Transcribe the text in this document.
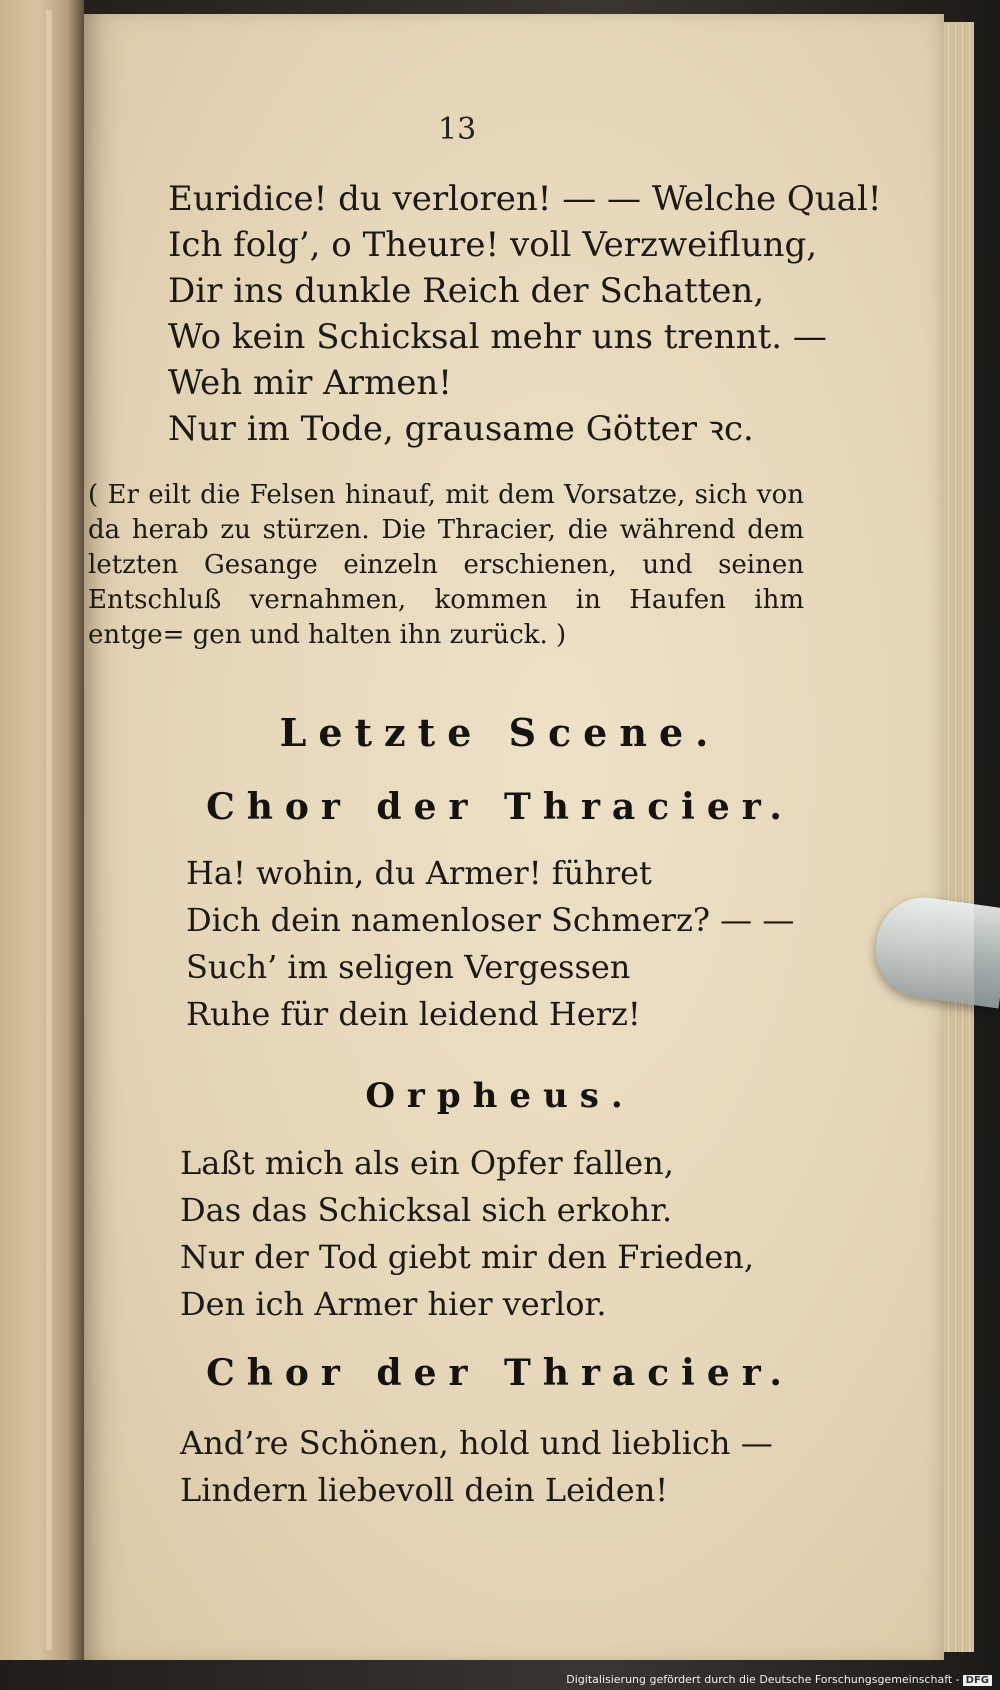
13
Euridice! du verloren! — — Welche Qual!
Ich folg’, o Theure! voll Verzweiflung,
Dir ins dunkle Reich der Schatten,
Wo kein Schicksal mehr uns trennt. —
Weh mir Armen!
Nur im Tode, grausame Götter ꝛc.
( Er eilt die Felsen hinauf, mit dem Vorsatze, sich von da herab zu stürzen. Die Thracier, die während dem letzten Gesange einzeln erschienen, und seinen Entschluß vernahmen, kommen in Haufen ihm entge= gen und halten ihn zurück. )
Letzte Scene.
Chor der Thracier.
Ha! wohin, du Armer! führet
Dich dein namenloser Schmerz? — —
Such’ im seligen Vergessen
Ruhe für dein leidend Herz!
Orpheus.
Laßt mich als ein Opfer fallen,
Das das Schicksal sich erkohr.
Nur der Tod giebt mir den Frieden,
Den ich Armer hier verlor.
Chor der Thracier.
And’re Schönen, hold und lieblich —
Lindern liebevoll dein Leiden!
Digitalisierung gefördert durch die Deutsche Forschungsgemeinschaft - DFG
